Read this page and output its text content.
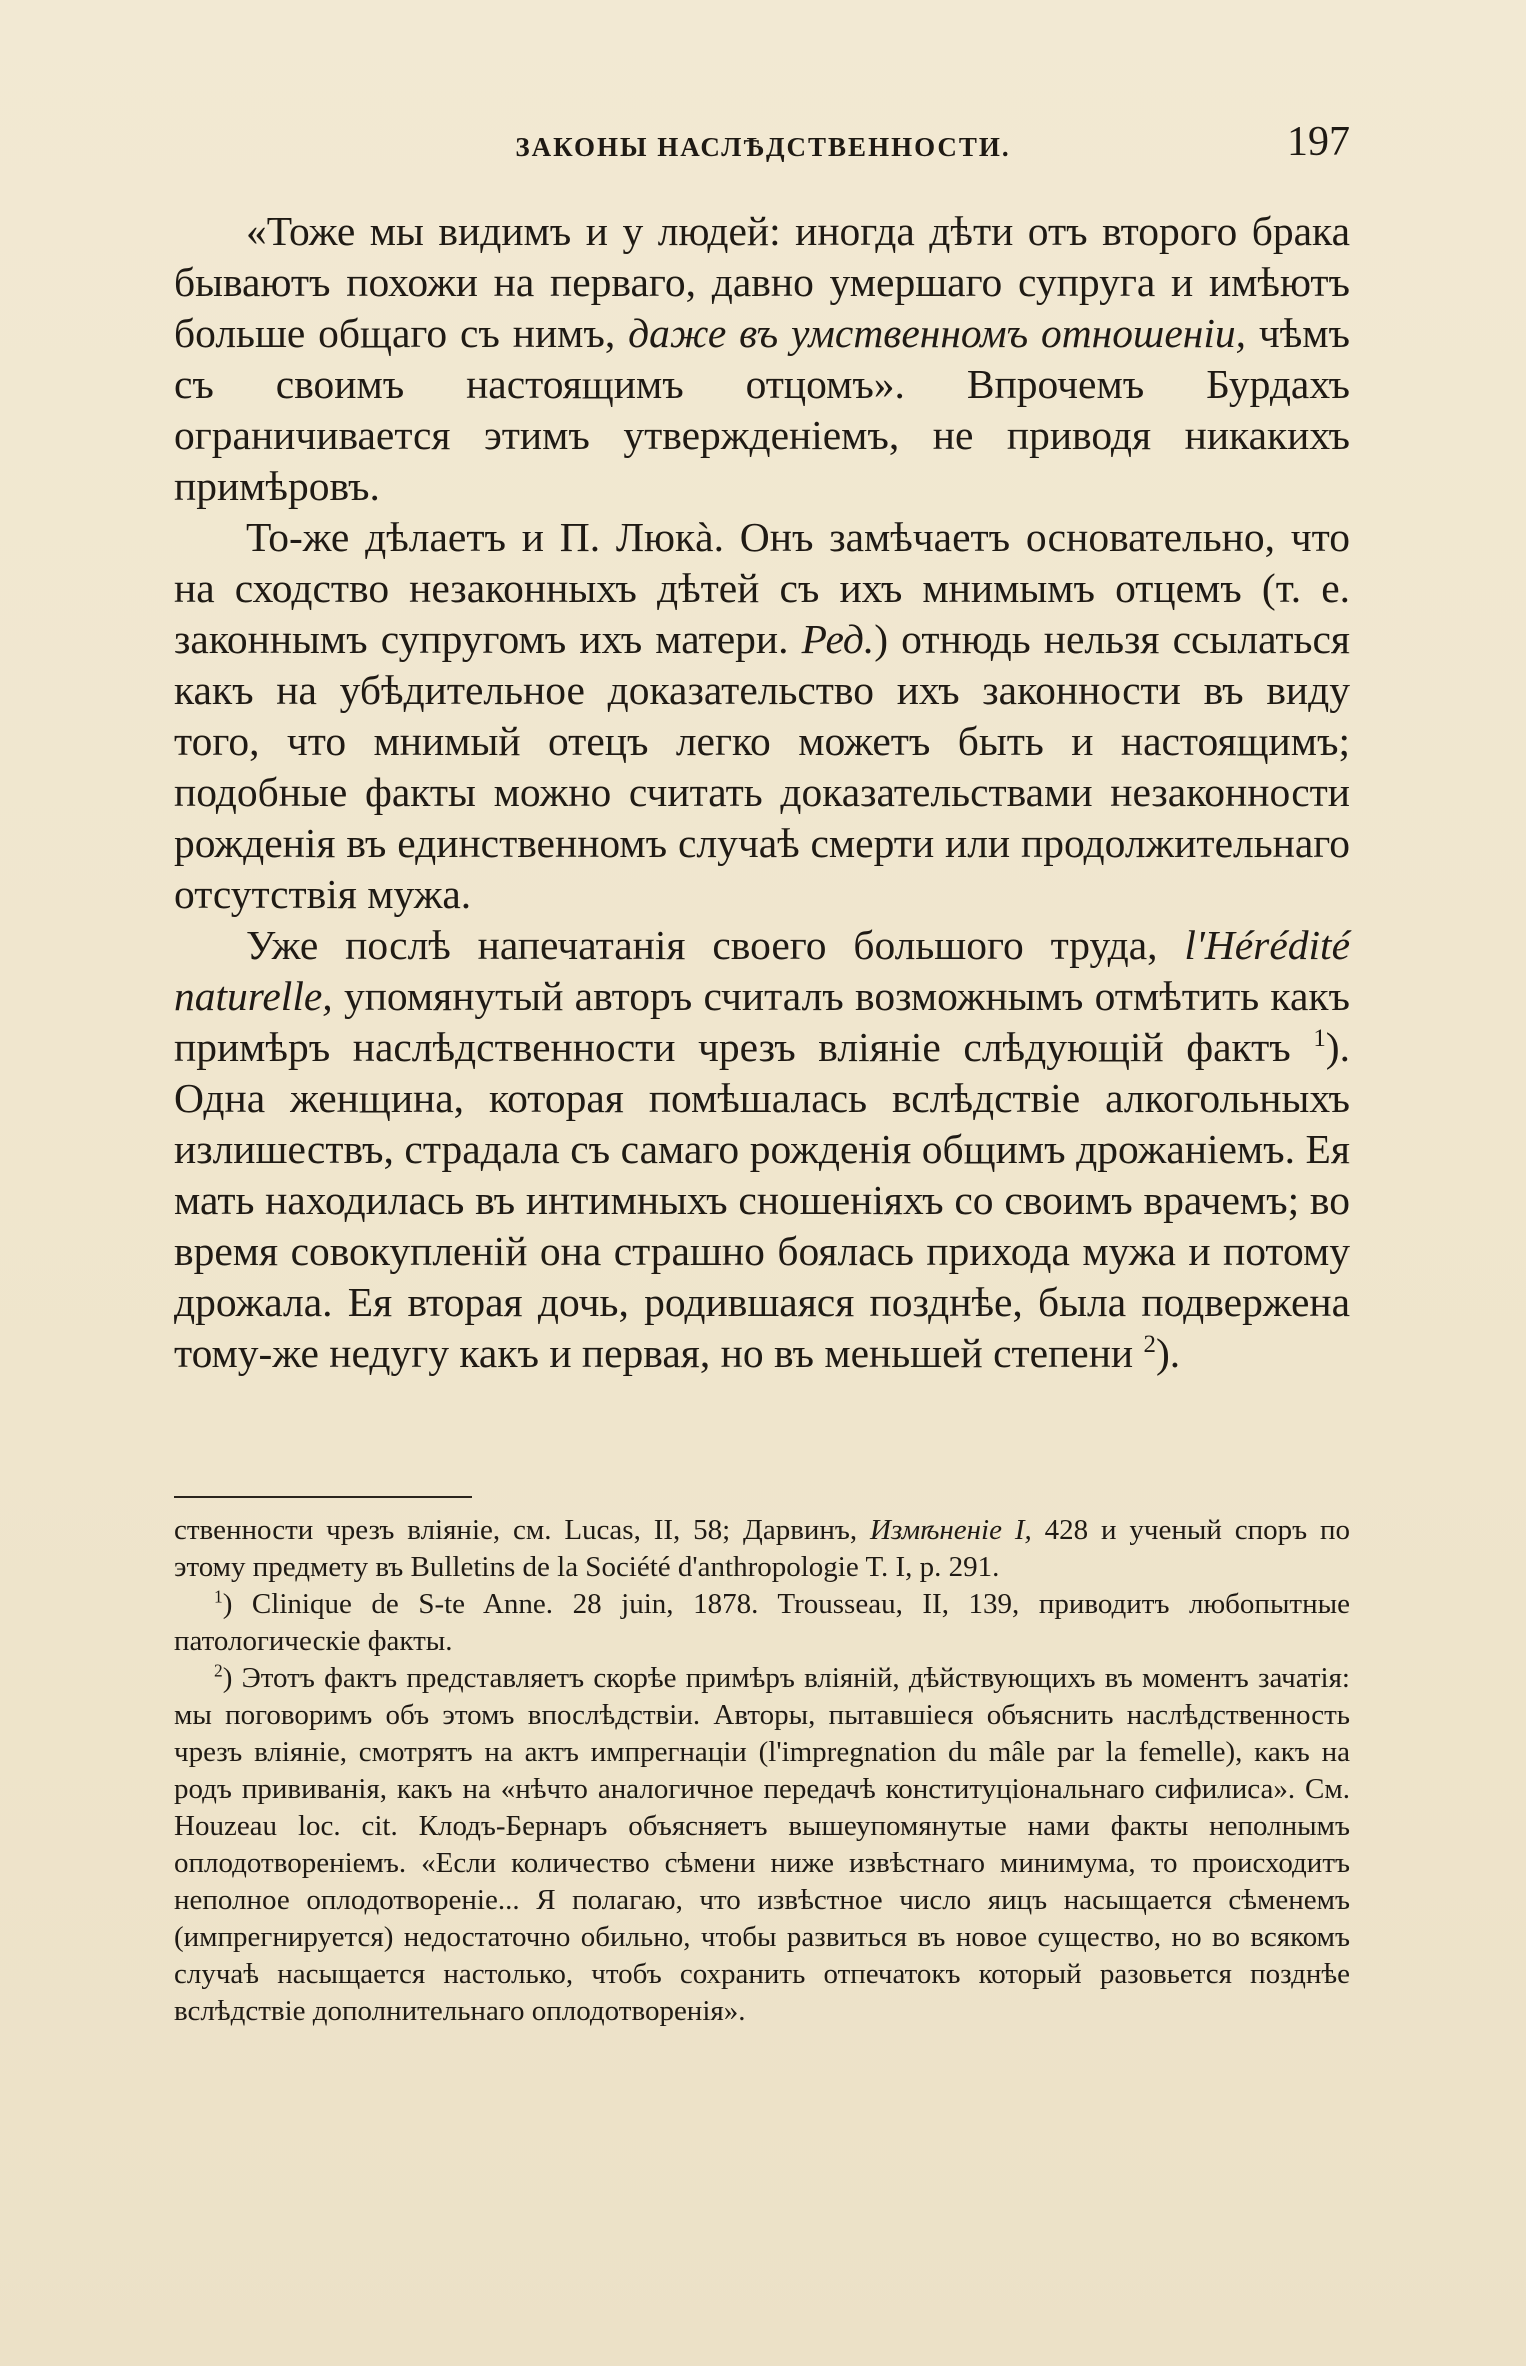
ЗАКОНЫ НАСЛѢДСТВЕННОСТИ.	197

«Тоже мы видимъ и у людей: иногда дѣти отъ второго брака бываютъ похожи на перваго, давно умершаго супруга и имѣютъ больше общаго съ нимъ, даже въ умственномъ отношеніи, чѣмъ съ своимъ настоящимъ отцомъ». Впрочемъ Бурдахъ ограничивается этимъ утвержденіемъ, не приводя никакихъ примѣровъ.

То-же дѣлаетъ и П. Люкà. Онъ замѣчаетъ основательно, что на сходство незаконныхъ дѣтей съ ихъ мнимымъ отцемъ (т. е. законнымъ супругомъ ихъ матери. Ред.) отнюдь нельзя ссылаться какъ на убѣдительное доказательство ихъ законности въ виду того, что мнимый отецъ легко можетъ быть и настоящимъ; подобные факты можно считать доказательствами незаконности рожденія въ единственномъ случаѣ смерти или продолжительнаго отсутствія мужа.

Уже послѣ напечатанія своего большого труда, l'Hérédité naturelle, упомянутый авторъ считалъ возможнымъ отмѣтить какъ примѣръ наслѣдственности чрезъ вліяніе слѣдующій фактъ $^1$). Одна женщина, которая помѣшалась вслѣдствіе алкогольныхъ излишествъ, страдала съ самаго рожденія общимъ дрожаніемъ. Ея мать находилась въ интимныхъ сношеніяхъ со своимъ врачемъ; во время совокупленій она страшно боялась прихода мужа и потому дрожала. Ея вторая дочь, родившаяся позднѣе, была подвержена тому-же недугу какъ и первая, но въ меньшей степени $^2$).

ственности чрезъ вліяніе, см. Lucas, II, 58; Дарвинъ, Измѣненіе I, 428 и ученый споръ по этому предмету въ Bulletins de la Société d'anthropologie T. I, p. 291.

$^1$) Clinique de S-te Anne. 28 juin, 1878. Trousseau, II, 139, приводитъ любопытные патологическіе факты.

$^2$) Этотъ фактъ представляетъ скорѣе примѣръ вліяній, дѣйствующихъ въ моментъ зачатія: мы поговоримъ объ этомъ впослѣдствіи. Авторы, пытавшіеся объяснить наслѣдственность чрезъ вліяніе, смотрятъ на актъ импрегнаціи (l'impregnation du mâle par la femelle), какъ на родъ прививанія, какъ на «нѣчто аналогичное передачѣ конституціональнаго сифилиса». См. Houzeau loc. cit. Клодъ-Бернаръ объясняетъ вышеупомянутые нами факты неполнымъ оплодотвореніемъ. «Если количество сѣмени ниже извѣстнаго минимума, то происходитъ неполное оплодотвореніе... Я полагаю, что извѣстное число яицъ насыщается сѣменемъ (импрегнируется) недостаточно обильно, чтобы развиться въ новое существо, но во всякомъ случаѣ насыщается настолько, чтобъ сохранить отпечатокъ который разовьется позднѣе вслѣдствіе дополнительнаго оплодотворенія».
